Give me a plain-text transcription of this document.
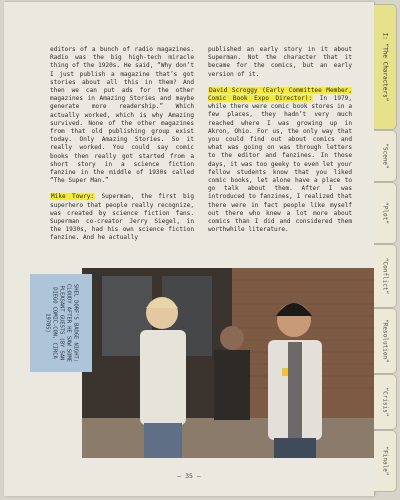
editors of a bunch of radio magazines. Radio was the big high-tech miracle thing of the 1920s. He said, “Why don’t I just publish a magazine that’s got stories about all this in them? And then we can put ads for the other magazines in Amazing Stories and maybe generate more readership.” Which actually worked, which is why Amazing survived. None of the other magazines from that old publishing group exist today. Only Amazing Stories. So it really worked. You could say comic books then really got started from a short story in a science fiction fanzine in the middle of 1930s called “The Super Man.”

Mike Towry: Superman, the first big superhero that people really recognize, was created by science fiction fans. Superman co-creator Jerry Siegel, in the 1930s, had his own science fiction fanzine. And he actually

published an early story in it about Superman. Not the character that it became for the comics, but an early version of it.

David Scroggy (Early Committee Member, Comic Book Expo Director): In 1979, while there were comic book stores in a few places, they hadn’t very much reached where I was growing up in Akron, Ohio. For us, the only way that you could find out about comics and what was going on was through letters to the editor and fanzines. In those days, it was too geeky to even let your fellow students know that you liked comic books, let alone have a place to go talk about them. After I was introduced to fanzines, I realized that there were in fact people like myself out there who knew a lot more about comics than I did and considered them worthwhile literature.

SHEL DORF’S BADGE NIGHT: CLOUDY AFTER HE SAW SOME PLEASANT GUESTS (BY SAN DIEGO COMIC-CON, CIRCA 1970S)
– 35 –
I: “The Characters”
“Scene”
“Plot”
“Conflict”
“Resolution”
“Crisis”
“Finale”
